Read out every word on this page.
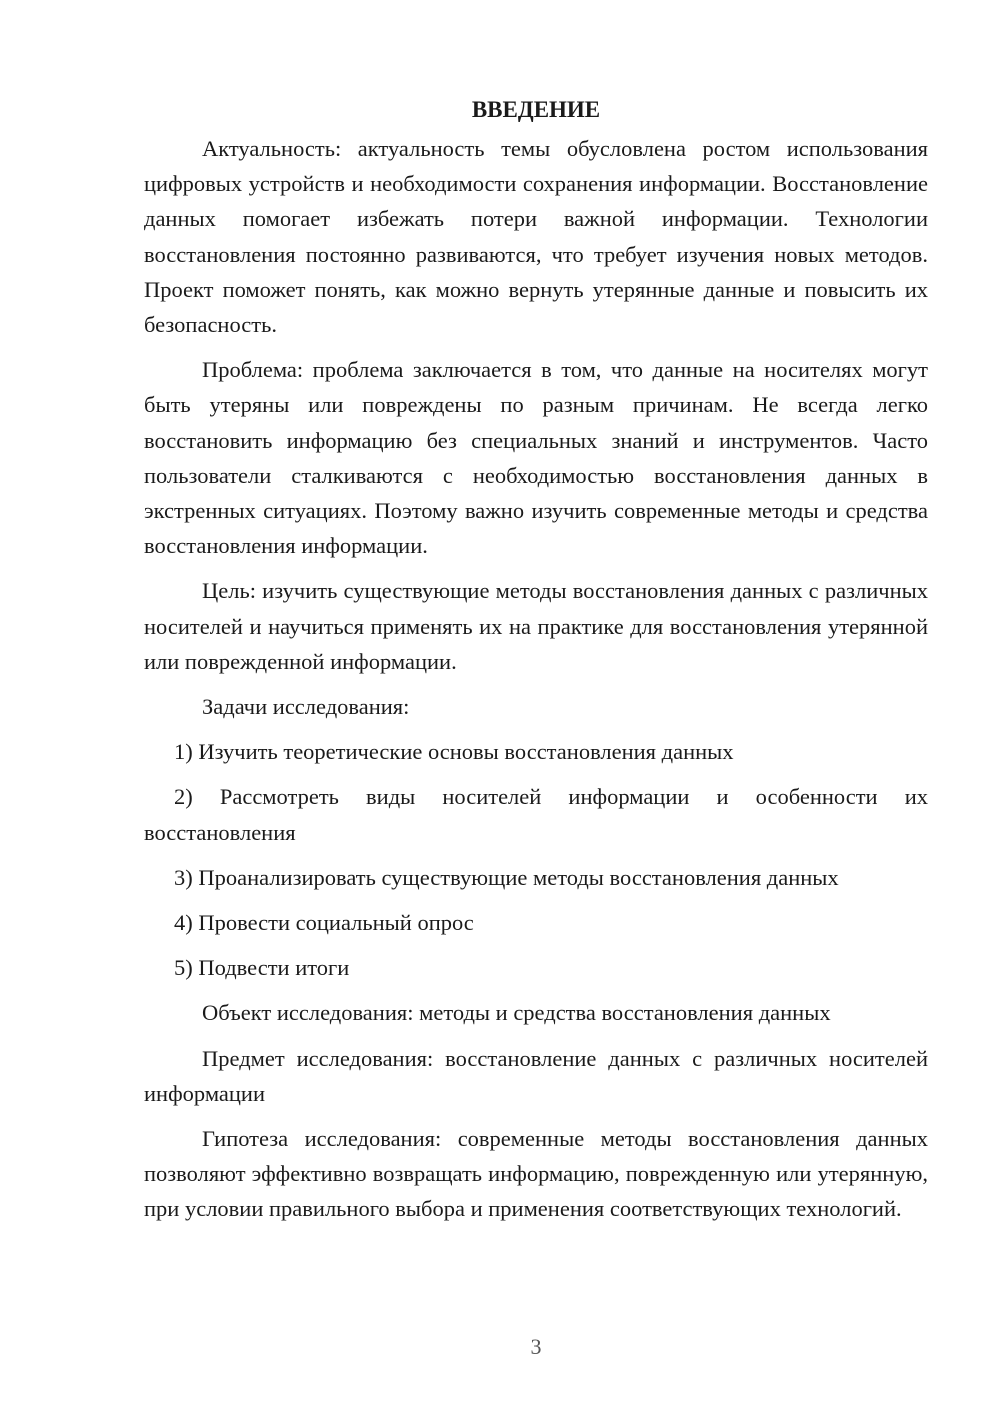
ВВЕДЕНИЕ

Актуальность: актуальность темы обусловлена ростом использования цифровых устройств и необходимости сохранения информации. Восстановление данных помогает избежать потери важной информации. Технологии восстановления постоянно развиваются, что требует изучения новых методов. Проект поможет понять, как можно вернуть утерянные данные и повысить их безопасность.

Проблема: проблема заключается в том, что данные на носителях могут быть утеряны или повреждены по разным причинам. Не всегда легко восстановить информацию без специальных знаний и инструментов. Часто пользователи сталкиваются с необходимостью восстановления данных в экстренных ситуациях. Поэтому важно изучить современные методы и средства восстановления информации.

Цель: изучить существующие методы восстановления данных с различных носителей и научиться применять их на практике для восстановления утерянной или поврежденной информации.

Задачи исследования:

1) Изучить теоретические основы восстановления данных

2) Рассмотреть виды носителей информации и особенности их восстановления

3) Проанализировать существующие методы восстановления данных

4) Провести социальный опрос

5) Подвести итоги

Объект исследования: методы и средства восстановления данных

Предмет исследования: восстановление данных с различных носителей информации

Гипотеза исследования: современные методы восстановления данных позволяют эффективно возвращать информацию, поврежденную или утерянную, при условии правильного выбора и применения соответствующих технологий.

3
